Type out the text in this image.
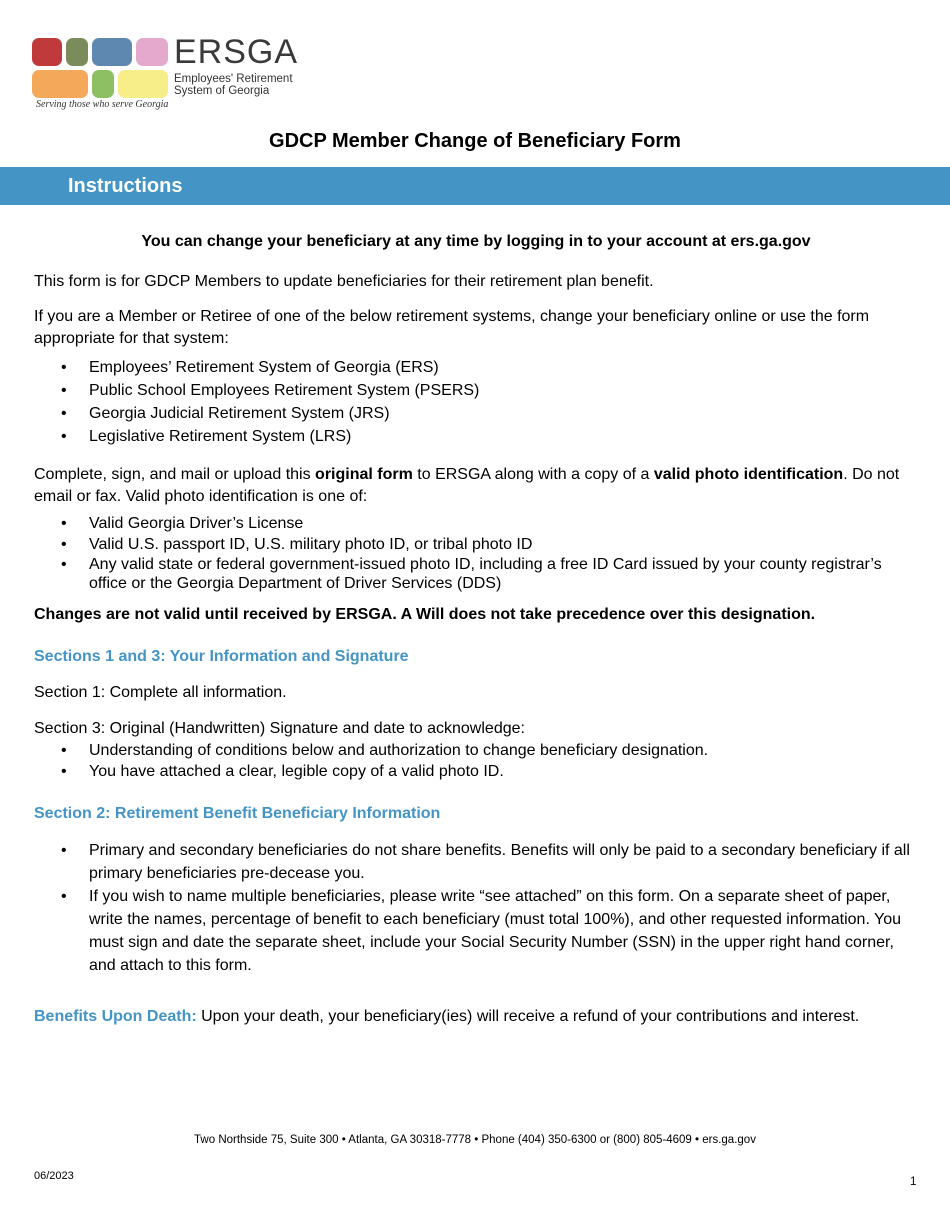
ERSGA
Employees' Retirement
System of Georgia
Serving those who serve Georgia
GDCP Member Change of Beneficiary Form
Instructions

You can change your beneficiary at any time by logging in to your account at ers.ga.gov

This form is for GDCP Members to update beneficiaries for their retirement plan benefit.

If you are a Member or Retiree of one of the below retirement systems, change your beneficiary online or use the form appropriate for that system:

• Employees’ Retirement System of Georgia (ERS)
• Public School Employees Retirement System (PSERS)
• Georgia Judicial Retirement System (JRS)
• Legislative Retirement System (LRS)

Complete, sign, and mail or upload this original form to ERSGA along with a copy of a valid photo identification. Do not email or fax. Valid photo identification is one of:

• Valid Georgia Driver’s License
• Valid U.S. passport ID, U.S. military photo ID, or tribal photo ID
• Any valid state or federal government-issued photo ID, including a free ID Card issued by your county registrar’s office or the Georgia Department of Driver Services (DDS)

Changes are not valid until received by ERSGA. A Will does not take precedence over this designation.

Sections 1 and 3: Your Information and Signature

Section 1: Complete all information.

Section 3: Original (Handwritten) Signature and date to acknowledge:

• Understanding of conditions below and authorization to change beneficiary designation.
• You have attached a clear, legible copy of a valid photo ID.

Section 2: Retirement Benefit Beneficiary Information

• Primary and secondary beneficiaries do not share benefits. Benefits will only be paid to a secondary beneficiary if all primary beneficiaries pre-decease you.
• If you wish to name multiple beneficiaries, please write “see attached” on this form. On a separate sheet of paper, write the names, percentage of benefit to each beneficiary (must total 100%), and other requested information. You must sign and date the separate sheet, include your Social Security Number (SSN) in the upper right hand corner, and attach to this form.

Benefits Upon Death: Upon your death, your beneficiary(ies) will receive a refund of your contributions and interest.

Two Northside 75, Suite 300 • Atlanta, GA 30318-7778 • Phone (404) 350-6300 or (800) 805-4609 • ers.ga.gov
06/2023	1
